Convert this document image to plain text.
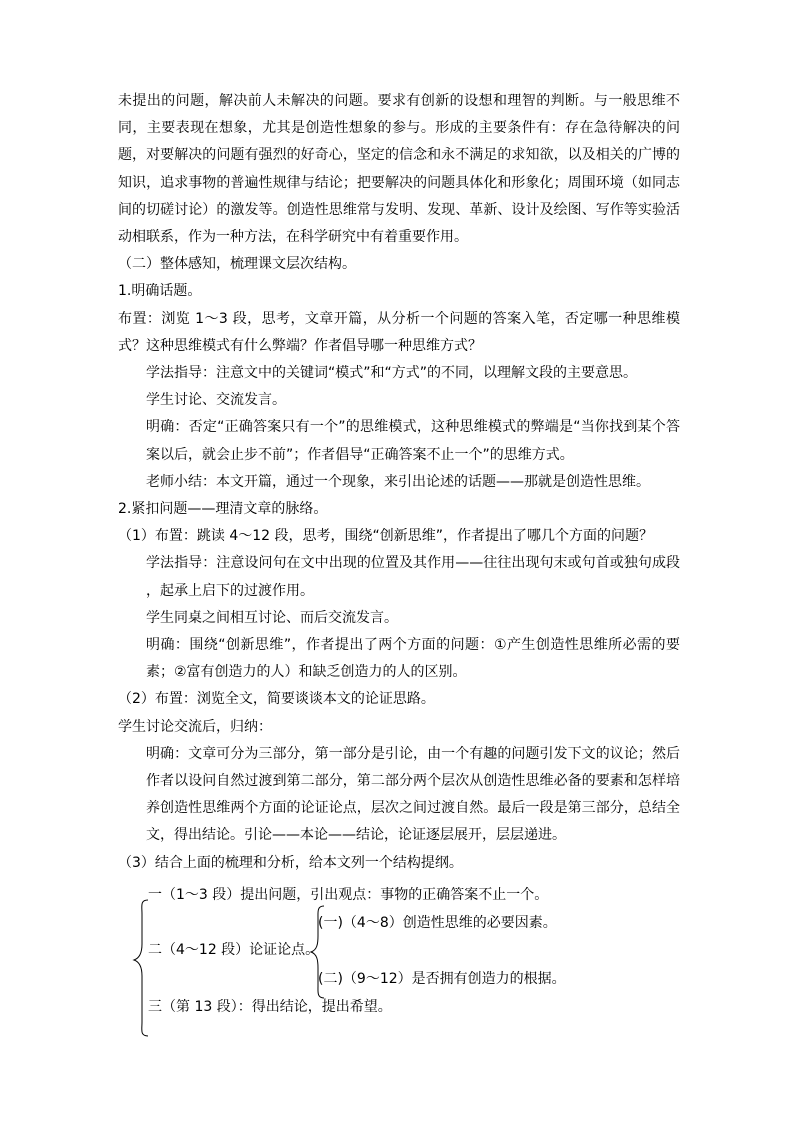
未提出的问题，解决前人未解决的问题。要求有创新的设想和理智的判断。与一般思维不同，主要表现在想象，尤其是创造性想象的参与。形成的主要条件有：存在急待解决的问题，对要解决的问题有强烈的好奇心，坚定的信念和永不满足的求知欲，以及相关的广博的知识，追求事物的普遍性规律与结论；把要解决的问题具体化和形象化；周围环境（如同志间的切磋讨论）的激发等。创造性思维常与发明、发现、革新、设计及绘图、写作等实验活动相联系，作为一种方法，在科学研究中有着重要作用。
（二）整体感知，梳理课文层次结构。
1.明确话题。
布置：浏览 1～3 段，思考，文章开篇，从分析一个问题的答案入笔，否定哪一种思维模式？这种思维模式有什么弊端？作者倡导哪一种思维方式？
学法指导：注意文中的关键词“模式”和“方式”的不同，以理解文段的主要意思。
学生讨论、交流发言。
明确：否定“正确答案只有一个”的思维模式，这种思维模式的弊端是“当你找到某个答案以后，就会止步不前”；作者倡导“正确答案不止一个”的思维方式。
老师小结：本文开篇，通过一个现象，来引出论述的话题——那就是创造性思维。
2.紧扣问题——理清文章的脉络。
（1）布置：跳读 4～12 段，思考，围绕“创新思维”，作者提出了哪几个方面的问题？
学法指导：注意设问句在文中出现的位置及其作用——往往出现句末或句首或独句成段 ，起承上启下的过渡作用。
学生同桌之间相互讨论、而后交流发言。
明确：围绕“创新思维”，作者提出了两个方面的问题：①产生创造性思维所必需的要素；②富有创造力的人）和缺乏创造力的人的区别。
（2）布置：浏览全文，简要谈谈本文的论证思路。
学生讨论交流后，归纳：
明确：文章可分为三部分，第一部分是引论，由一个有趣的问题引发下文的议论；然后作者以设问自然过渡到第二部分，第二部分两个层次从创造性思维必备的要素和怎样培养创造性思维两个方面的论证论点，层次之间过渡自然。最后一段是第三部分，总结全文，得出结论。引论——本论——结论，论证逐层展开，层层递进。
（3）结合上面的梳理和分析，给本文列一个结构提纲。
一（1～3 段）提出问题，引出观点：事物的正确答案不止一个。
二（4～12 段）论证论点。
(一)（4～8）创造性思维的必要因素。
(二)（9～12）是否拥有创造力的根据。
三（第 13 段）：得出结论，提出希望。
